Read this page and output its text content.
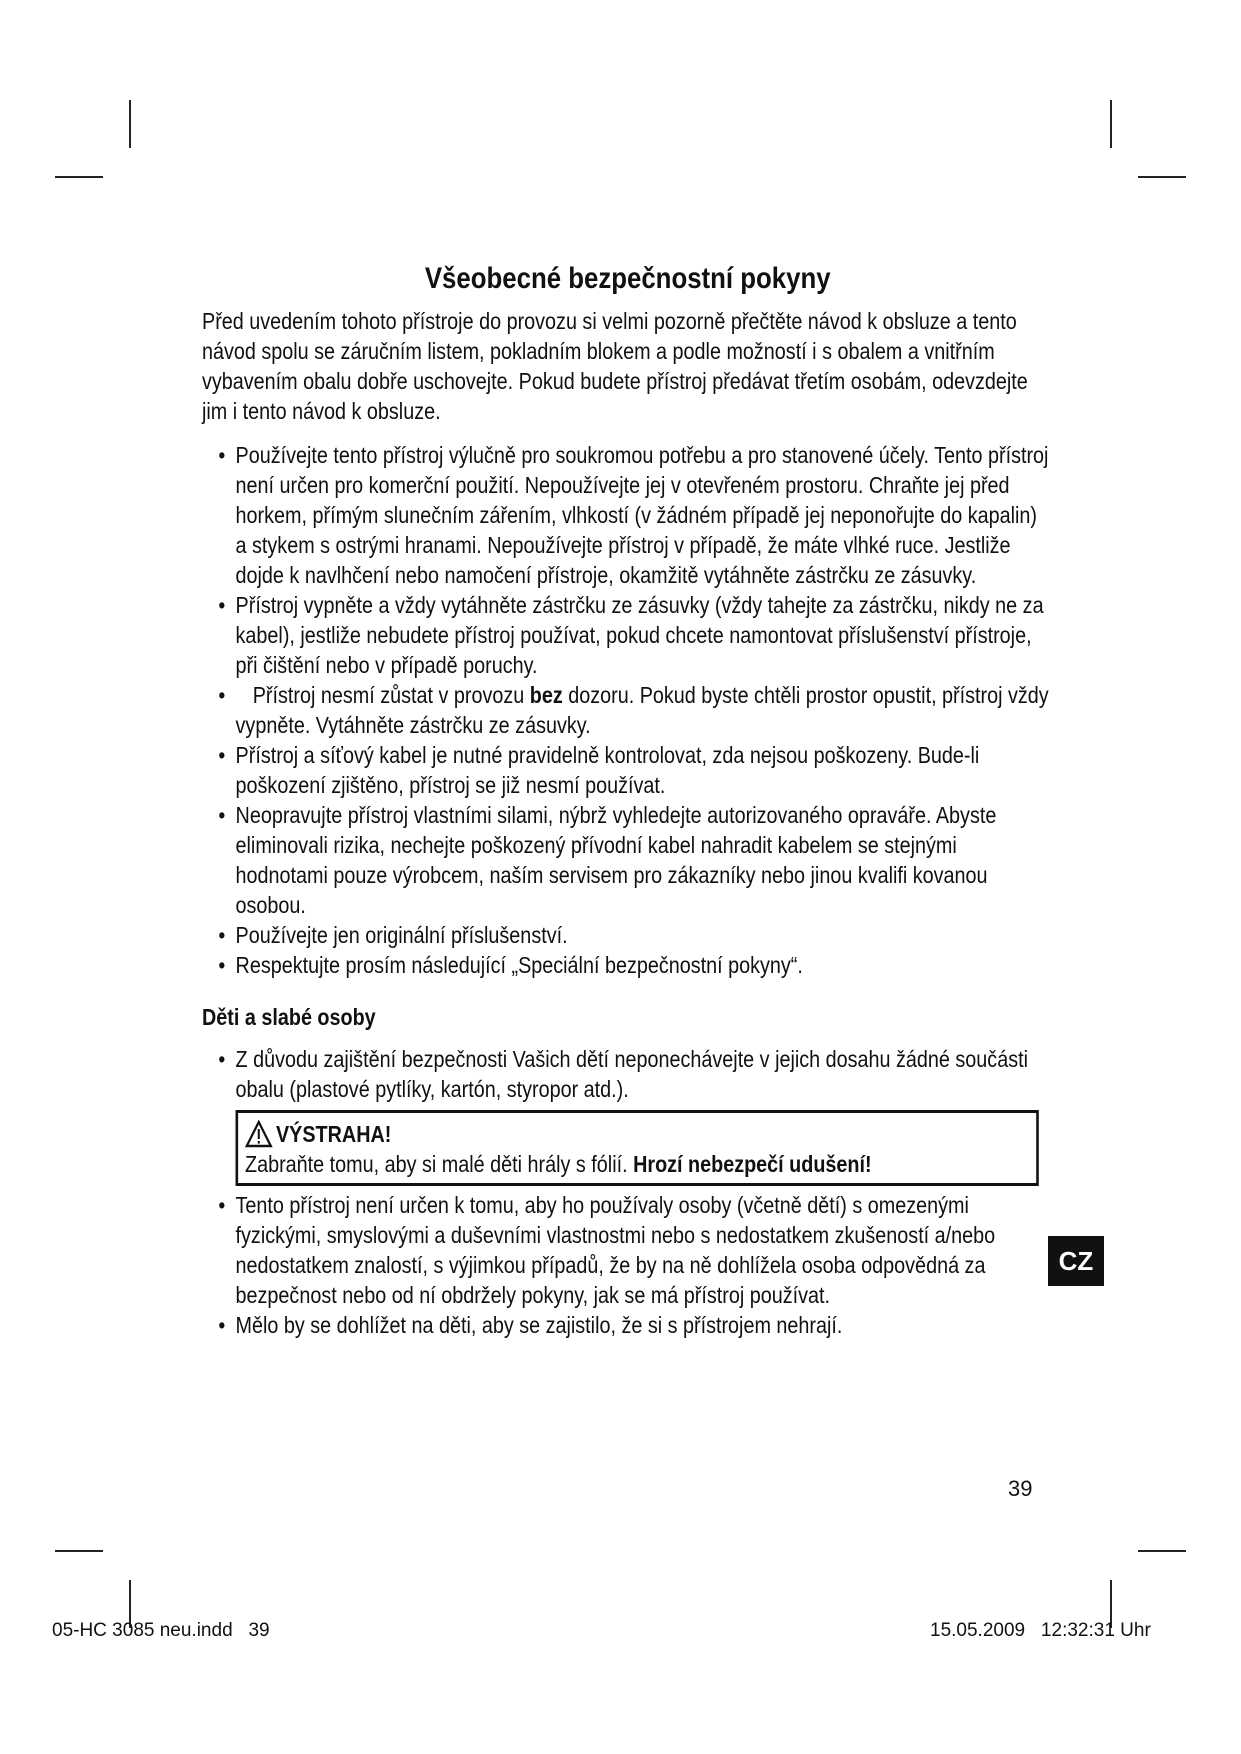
Všeobecné bezpečnostní pokyny

Před uvedením tohoto přístroje do provozu si velmi pozorně přečtěte návod k obsluze a tento návod spolu se záručním listem, pokladním blokem a podle možností i s obalem a vnitřním vybavením obalu dobře uschovejte. Pokud budete přístroj předávat třetím osobám, odevzdejte jim i tento návod k obsluze.

• Používejte tento přístroj výlučně pro soukromou potřebu a pro stanovené účely. Tento přístroj není určen pro komerční použití. Nepoužívejte jej v otevřeném prostoru. Chraňte jej před horkem, přímým slunečním zářením, vlhkostí (v žádném případě jej neponořujte do kapalin) a stykem s ostrými hranami. Nepoužívejte přístroj v případě, že máte vlhké ruce. Jestliže dojde k navlhčení nebo namočení přístroje, okamžitě vytáhněte zástrčku ze zásuvky.
• Přístroj vypněte a vždy vytáhněte zástrčku ze zásuvky (vždy tahejte za zástrčku, nikdy ne za kabel), jestliže nebudete přístroj používat, pokud chcete namontovat příslušenství přístroje, při čištění nebo v případě poruchy.
• Přístroj nesmí zůstat v provozu bez dozoru. Pokud byste chtěli prostor opustit, přístroj vždy vypněte. Vytáhněte zástrčku ze zásuvky.
• Přístroj a síťový kabel je nutné pravidelně kontrolovat, zda nejsou poškozeny. Bude-li poškození zjištěno, přístroj se již nesmí používat.
• Neopravujte přístroj vlastními silami, nýbrž vyhledejte autorizovaného opraváře. Abyste eliminovali rizika, nechejte poškozený přívodní kabel nahradit kabelem se stejnými hodnotami pouze výrobcem, naším servisem pro zákazníky nebo jinou kvalifi kovanou osobou.
• Používejte jen originální příslušenství.
• Respektujte prosím následující „Speciální bezpečnostní pokyny“.
Děti a slabé osoby
• Z důvodu zajištění bezpečnosti Vašich dětí neponechávejte v jejich dosahu žádné součásti obalu (plastové pytlíky, kartón, styropor atd.).
VÝSTRAHA!
Zabraňte tomu, aby si malé děti hrály s fólií. Hrozí nebezpečí udušení!
• Tento přístroj není určen k tomu, aby ho používaly osoby (včetně dětí) s omezenými fyzickými, smyslovými a duševními vlastnostmi nebo s nedostatkem zkušeností a/nebo nedostatkem znalostí, s výjimkou případů, že by na ně dohlížela osoba odpovědná za bezpečnost nebo od ní obdržely pokyny, jak se má přístroj používat.
• Mělo by se dohlížet na děti, aby se zajistilo, že si s přístrojem nehrají.
CZ
39
05-HC 3085 neu.indd   39	15.05.2009   12:32:31 Uhr
